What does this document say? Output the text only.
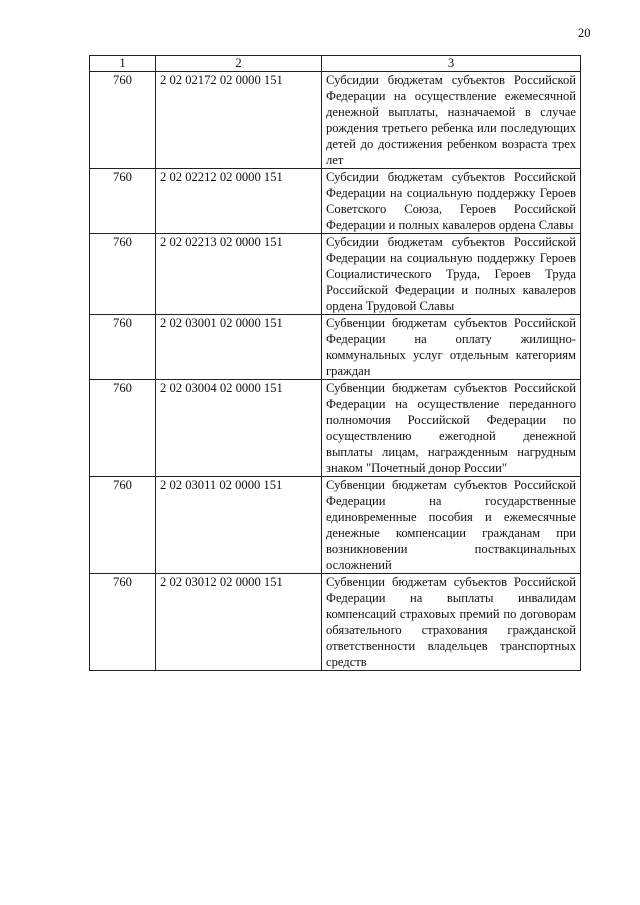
20
1	2	3
760	2 02 02172 02 0000 151	Субсидии бюджетам субъектов Российской Федерации на осуществление ежемесячной денежной выплаты, назначаемой в случае рождения третьего ребенка или последующих детей до достижения ребенком возраста трех лет
760	2 02 02212 02 0000 151	Субсидии бюджетам субъектов Российской Федерации на социальную поддержку Героев Советского Союза, Героев Российской Федерации и полных кавалеров ордена Славы
760	2 02 02213 02 0000 151	Субсидии бюджетам субъектов Российской Федерации на социальную поддержку Героев Социалистического Труда, Героев Труда Российской Федерации и полных кавалеров ордена Трудовой Славы
760	2 02 03001 02 0000 151	Субвенции бюджетам субъектов Российской Федерации на оплату жилищно-коммунальных услуг отдельным категориям граждан
760	2 02 03004 02 0000 151	Субвенции бюджетам субъектов Российской Федерации на осуществление переданного полномочия Российской Федерации по осуществлению ежегодной денежной выплаты лицам, награжденным нагрудным знаком "Почетный донор России"
760	2 02 03011 02 0000 151	Субвенции бюджетам субъектов Российской Федерации на государственные единовременные пособия и ежемесячные денежные компенсации гражданам при возникновении поствакцинальных осложнений
760	2 02 03012 02 0000 151	Субвенции бюджетам субъектов Российской Федерации на выплаты инвалидам компенсаций страховых премий по договорам обязательного страхования гражданской ответственности владельцев транспортных средств
